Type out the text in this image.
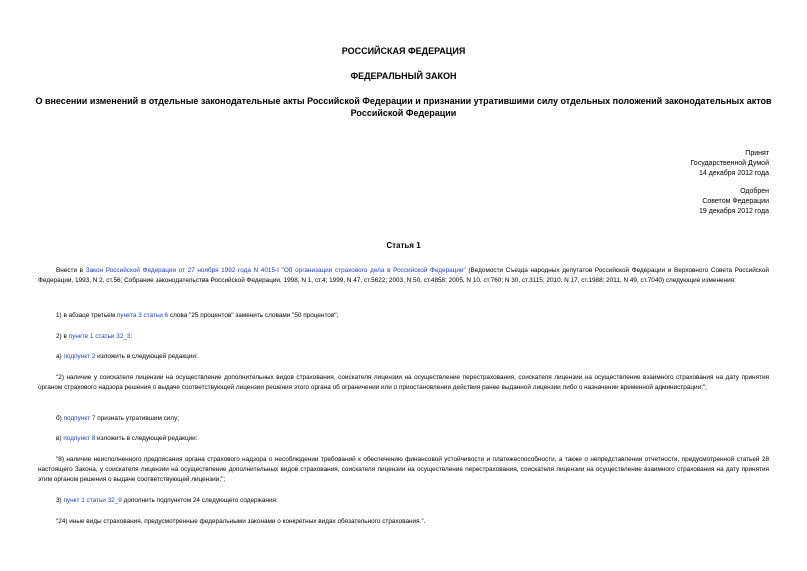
РОССИЙСКАЯ ФЕДЕРАЦИЯ
ФЕДЕРАЛЬНЫЙ ЗАКОН
О внесении изменений в отдельные законодательные акты Российской Федерации и признании утратившими силу отдельных положений законодательных актов Российской Федерации
Принят
Государственной Думой
14 декабря 2012 года
Одобрен
Советом Федерации
19 декабря 2012 года
Статья 1
Внести в Закон Российской Федерации от 27 ноября 1992 года N 4015-I "Об организации страхового дела в Российской Федерации" (Ведомости Съезда народных депутатов Российской Федерации и Верховного Совета Российской Федерации, 1993, N 2, ст.56; Собрание законодательства Российской Федерации, 1998, N 1, ст.4; 1999, N 47, ст.5622; 2003, N 50, ст.4858; 2005, N 10, ст.760; N 30, ст.3115; 2010, N 17, ст.1988; 2011, N 49, ст.7040) следующие изменения:
1) в абзаце третьем пункта 3 статьи 6 слова "25 процентов" заменить словами "50 процентов";
2) в пункте 1 статьи 32_3:
а) подпункт 2 изложить в следующей редакции:
"2) наличие у соискателя лицензии на осуществление дополнительных видов страхования, соискателя лицензии на осуществление перестрахования, соискателя лицензии на осуществление взаимного страхования на дату принятия органом страхового надзора решения о выдаче соответствующей лицензии решения этого органа об ограничении или о приостановлении действия ранее выданной лицензии либо о назначении временной администрации;";
б) подпункт 7 признать утратившим силу;
в) подпункт 8 изложить в следующей редакции:
"8) наличие неисполненного предписания органа страхового надзора о несоблюдении требований к обеспечению финансовой устойчивости и платежеспособности, а также о непредставлении отчетности, предусмотренной статьей 28 настоящего Закона, у соискателя лицензии на осуществление дополнительных видов страхования, соискателя лицензии на осуществление перестрахования, соискателя лицензии на осуществление взаимного страхования на дату принятия этим органом решения о выдаче соответствующей лицензии;";
3) пункт 1 статьи 32_9 дополнить подпунктом 24 следующего содержания:
"24) иные виды страхования, предусмотренные федеральными законами о конкретных видах обязательного страхования.".
